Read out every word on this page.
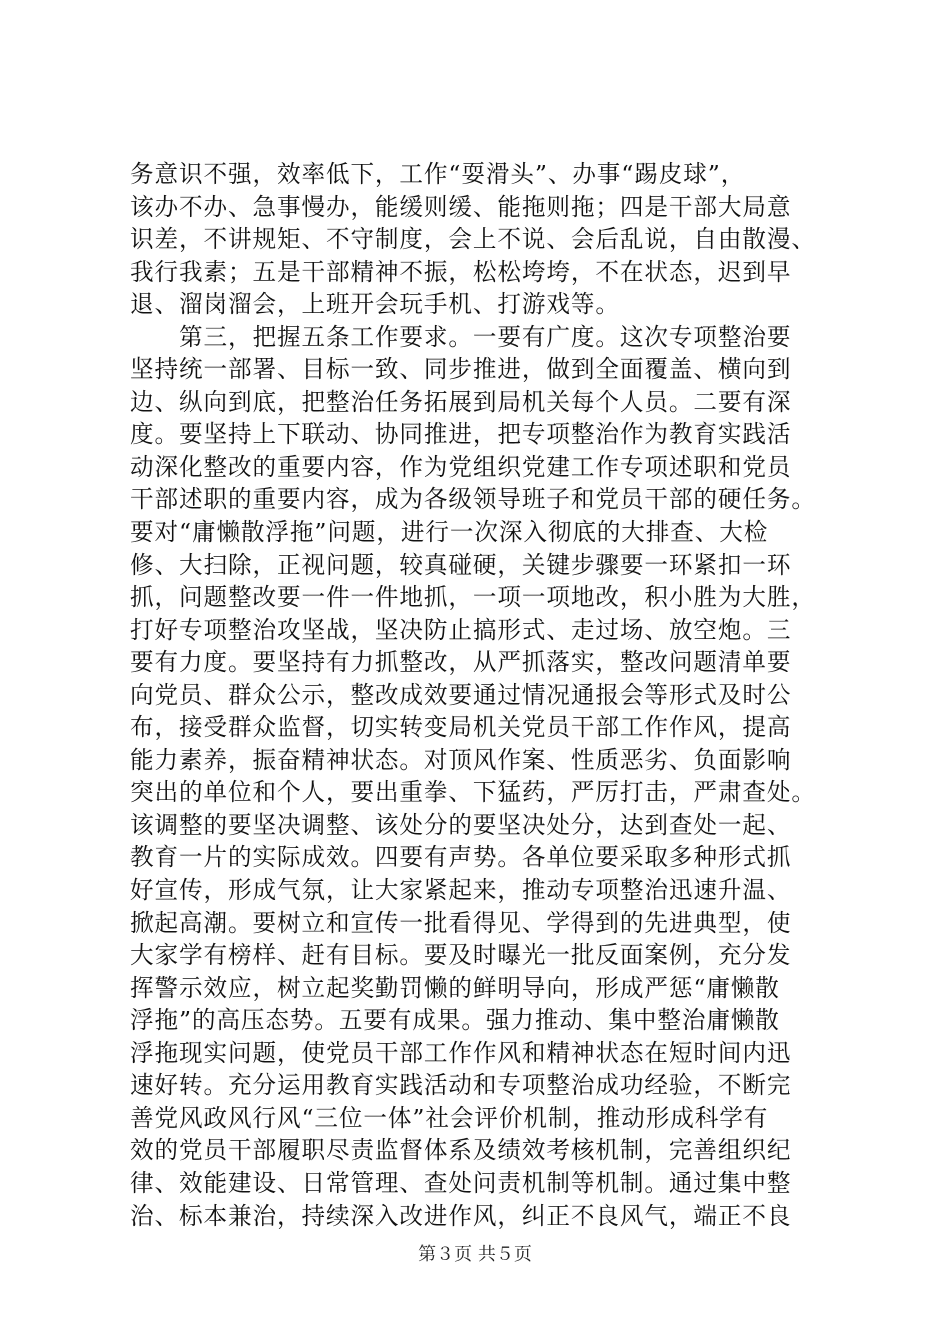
务意识不强，效率低下，工作“耍滑头”、办事“踢皮球”，
该办不办、急事慢办，能缓则缓、能拖则拖；四是干部大局意
识差，不讲规矩、不守制度，会上不说、会后乱说，自由散漫、
我行我素；五是干部精神不振，松松垮垮，不在状态，迟到早
退、溜岗溜会，上班开会玩手机、打游戏等。
　　第三，把握五条工作要求。一要有广度。这次专项整治要
坚持统一部署、目标一致、同步推进，做到全面覆盖、横向到
边、纵向到底，把整治任务拓展到局机关每个人员。二要有深
度。要坚持上下联动、协同推进，把专项整治作为教育实践活
动深化整改的重要内容，作为党组织党建工作专项述职和党员
干部述职的重要内容，成为各级领导班子和党员干部的硬任务。
要对“庸懒散浮拖”问题，进行一次深入彻底的大排查、大检
修、大扫除，正视问题，较真碰硬，关键步骤要一环紧扣一环
抓，问题整改要一件一件地抓，一项一项地改，积小胜为大胜，
打好专项整治攻坚战，坚决防止搞形式、走过场、放空炮。三
要有力度。要坚持有力抓整改，从严抓落实，整改问题清单要
向党员、群众公示，整改成效要通过情况通报会等形式及时公
布，接受群众监督，切实转变局机关党员干部工作作风，提高
能力素养，振奋精神状态。对顶风作案、性质恶劣、负面影响
突出的单位和个人，要出重拳、下猛药，严厉打击，严肃查处。
该调整的要坚决调整、该处分的要坚决处分，达到查处一起、
教育一片的实际成效。四要有声势。各单位要采取多种形式抓
好宣传，形成气氛，让大家紧起来，推动专项整治迅速升温、
掀起高潮。要树立和宣传一批看得见、学得到的先进典型，使
大家学有榜样、赶有目标。要及时曝光一批反面案例，充分发
挥警示效应，树立起奖勤罚懒的鲜明导向，形成严惩“庸懒散
浮拖”的高压态势。五要有成果。强力推动、集中整治庸懒散
浮拖现实问题，使党员干部工作作风和精神状态在短时间内迅
速好转。充分运用教育实践活动和专项整治成功经验，不断完
善党风政风行风“三位一体”社会评价机制，推动形成科学有
效的党员干部履职尽责监督体系及绩效考核机制，完善组织纪
律、效能建设、日常管理、查处问责机制等机制。通过集中整
治、标本兼治，持续深入改进作风，纠正不良风气，端正不良
第３页 共５页
